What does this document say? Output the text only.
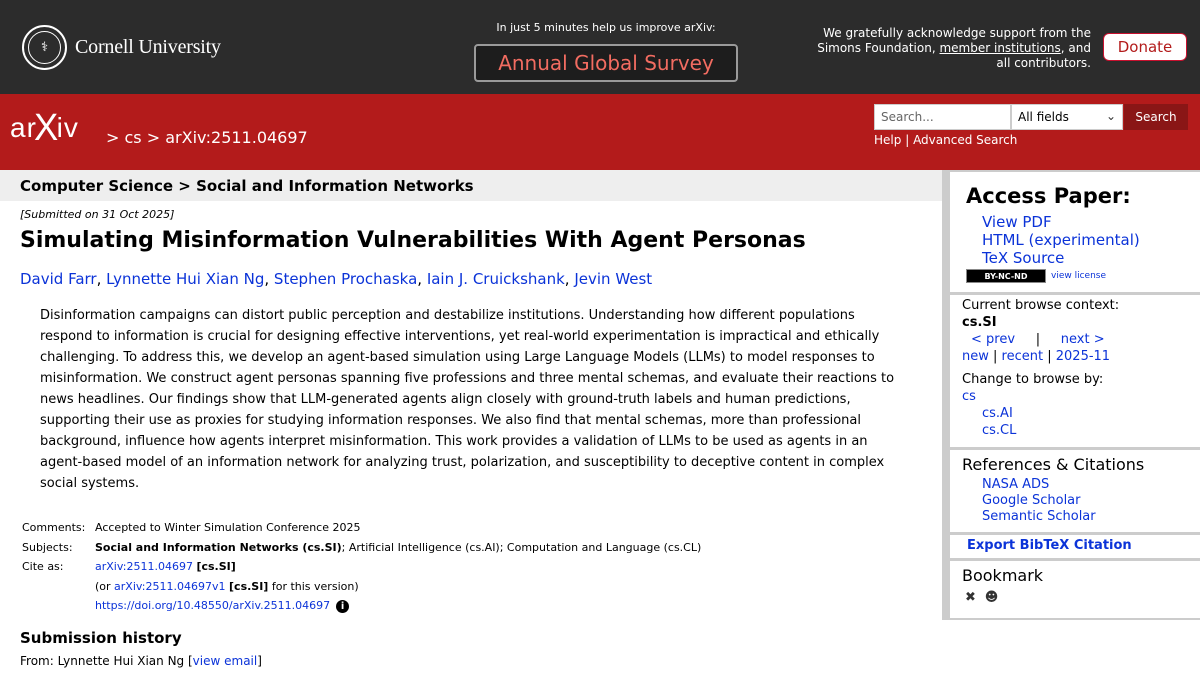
⚕	Cornell University
In just 5 minutes help us improve arXiv:
Annual Global Survey
We gratefully acknowledge support from the
Simons Foundation, member institutions, and
all contributors.
Donate
arXiv > cs > arXiv:2511.04697
Search...	All fields	⌄	Search
Help | Advanced Search
Computer Science > Social and Information Networks
[Submitted on 31 Oct 2025]
Simulating Misinformation Vulnerabilities With Agent Personas
David Farr, Lynnette Hui Xian Ng, Stephen Prochaska, Iain J. Cruickshank, Jevin West
Disinformation campaigns can distort public perception and destabilize institutions. Understanding how different populations respond to information is crucial for designing effective interventions, yet real-world experimentation is impractical and ethically challenging. To address this, we develop an agent-based simulation using Large Language Models (LLMs) to model responses to misinformation. We construct agent personas spanning five professions and three mental schemas, and evaluate their reactions to news headlines. Our findings show that LLM-generated agents align closely with ground-truth labels and human predictions, supporting their use as proxies for studying information responses. We also find that mental schemas, more than professional background, influence how agents interpret misinformation. This work provides a validation of LLMs to be used as agents in an agent-based model of an information network for analyzing trust, polarization, and susceptibility to deceptive content in complex social systems.
Comments: Accepted to Winter Simulation Conference 2025
Subjects:	Social and Information Networks (cs.SI); Artificial Intelligence (cs.AI); Computation and Language (cs.CL)
Cite as:	arXiv:2511.04697 [cs.SI]
(or arXiv:2511.04697v1 [cs.SI] for this version)
https://doi.org/10.48550/arXiv.2511.04697 i
Submission history
From: Lynnette Hui Xian Ng [view email]
Access Paper:
View PDF
HTML (experimental)
TeX Source
BY-NC-ND	view license
Current browse context:
cs.SI
< prev | next >
new | recent | 2025-11
Change to browse by:
cs
cs.AI
cs.CL
References & Citations
NASA ADS
Google Scholar
Semantic Scholar
Export BibTeX Citation
Bookmark
✖ ☻
